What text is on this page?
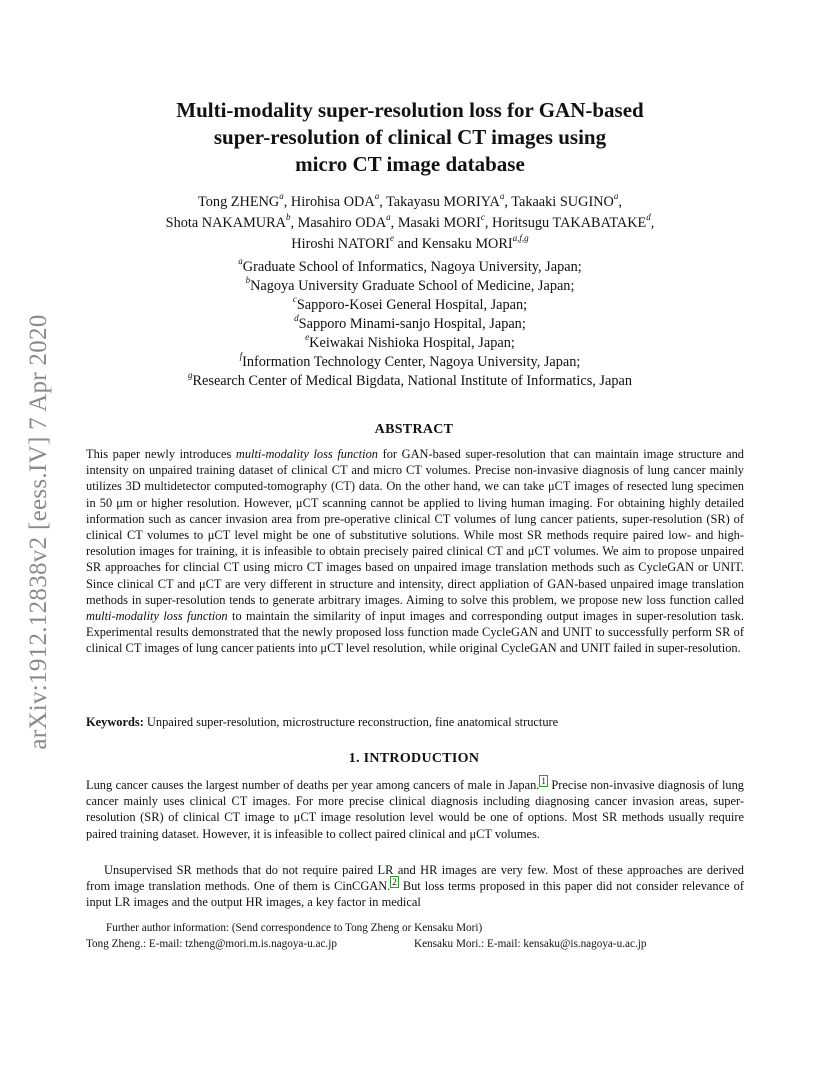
arXiv:1912.12838v2 [eess.IV] 7 Apr 2020
Multi-modality super-resolution loss for GAN-based
super-resolution of clinical CT images using
micro CT image database
Tong ZHENG$^a$, Hirohisa ODA$^a$, Takayasu MORIYA$^a$, Takaaki SUGINO$^a$,
Shota NAKAMURA$^b$, Masahiro ODA$^a$, Masaki MORI$^c$, Horitsugu TAKABATAKE$^d$,
Hiroshi NATORI$^e$ and Kensaku MORI$^{a,f,g}$
$^a$Graduate School of Informatics, Nagoya University, Japan;
$^b$Nagoya University Graduate School of Medicine, Japan;
$^c$Sapporo-Kosei General Hospital, Japan;
$^d$Sapporo Minami-sanjo Hospital, Japan;
$^e$Keiwakai Nishioka Hospital, Japan;
$^f$Information Technology Center, Nagoya University, Japan;
$^g$Research Center of Medical Bigdata, National Institute of Informatics, Japan
ABSTRACT
This paper newly introduces multi-modality loss function for GAN-based super-resolution that can maintain image structure and intensity on unpaired training dataset of clinical CT and micro CT volumes. Precise non-invasive diagnosis of lung cancer mainly utilizes 3D multidetector computed-tomography (CT) data. On the other hand, we can take μCT images of resected lung specimen in 50 μm or higher resolution. However, μCT scanning cannot be applied to living human imaging. For obtaining highly detailed information such as cancer invasion area from pre-operative clinical CT volumes of lung cancer patients, super-resolution (SR) of clinical CT volumes to μCT level might be one of substitutive solutions. While most SR methods require paired low- and high-resolution images for training, it is infeasible to obtain precisely paired clinical CT and μCT volumes. We aim to propose unpaired SR approaches for clincial CT using micro CT images based on unpaired image translation methods such as CycleGAN or UNIT. Since clinical CT and μCT are very different in structure and intensity, direct appliation of GAN-based unpaired image translation methods in super-resolution tends to generate arbitrary images. Aiming to solve this problem, we propose new loss function called multi-modality loss function to maintain the similarity of input images and corresponding output images in super-resolution task. Experimental results demonstrated that the newly proposed loss function made CycleGAN and UNIT to successfully perform SR of clinical CT images of lung cancer patients into μCT level resolution, while original CycleGAN and UNIT failed in super-resolution.
Keywords: Unpaired super-resolution, microstructure reconstruction, fine anatomical structure
1. INTRODUCTION
Lung cancer causes the largest number of deaths per year among cancers of male in Japan. $^1$ Precise non-invasive diagnosis of lung cancer mainly uses clinical CT images. For more precise clinical diagnosis including diagnosing cancer invasion areas, super-resolution (SR) of clinical CT image to μCT image resolution level would be one of options. Most SR methods usually require paired training dataset. However, it is infeasible to collect paired clinical and μCT volumes.
Unsupervised SR methods that do not require paired LR and HR images are very few. Most of these approaches are derived from image translation methods. One of them is CinCGAN. $^2$ But loss terms proposed in this paper did not consider relevance of input LR images and the output HR images, a key factor in medical
Further author information: (Send correspondence to Tong Zheng or Kensaku Mori)
Tong Zheng.: E-mail: tzheng@mori.m.is.nagoya-u.ac.jp	Kensaku Mori.: E-mail: kensaku@is.nagoya-u.ac.jp
